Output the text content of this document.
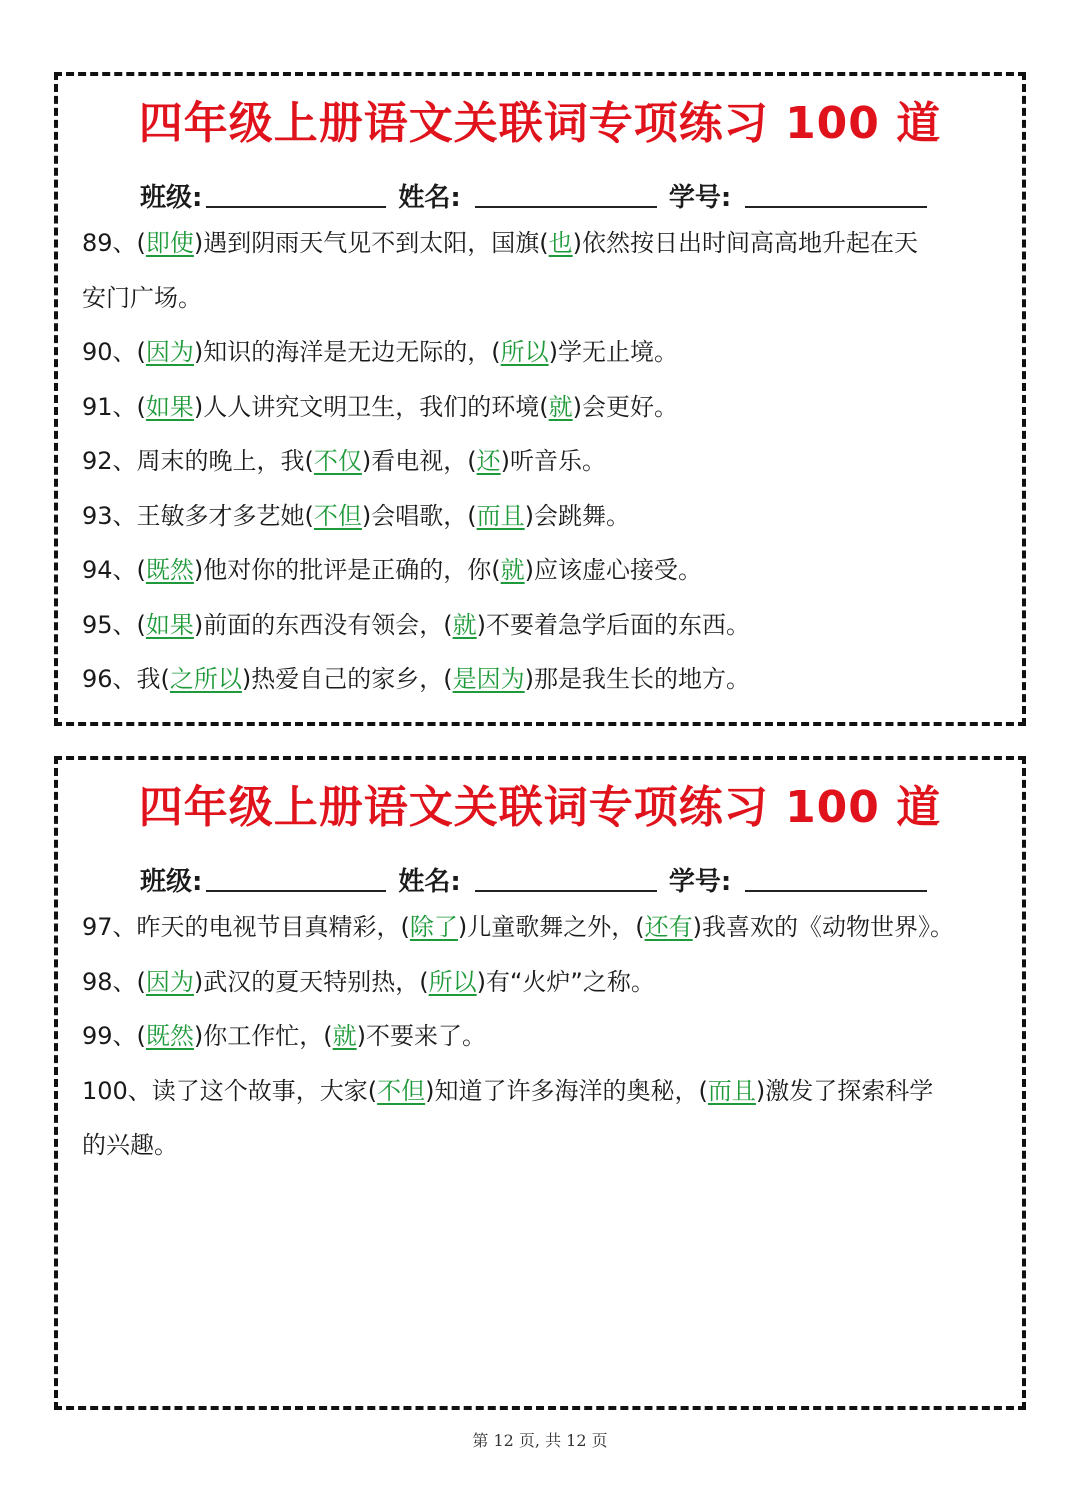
四年级上册语文关联词专项练习 100 道
班级:	姓名:	学号:
89、(即使)遇到阴雨天气见不到太阳，国旗(也)依然按日出时间高高地升起在天
安门广场。
90、(因为)知识的海洋是无边无际的，(所以)学无止境。
91、(如果)人人讲究文明卫生，我们的环境(就)会更好。
92、周末的晚上，我(不仅)看电视，(还)听音乐。
93、王敏多才多艺她(不但)会唱歌，(而且)会跳舞。
94、(既然)他对你的批评是正确的，你(就)应该虚心接受。
95、(如果)前面的东西没有领会，(就)不要着急学后面的东西。
96、我(之所以)热爱自己的家乡，(是因为)那是我生长的地方。
四年级上册语文关联词专项练习 100 道
班级:	姓名:	学号:
97、昨天的电视节目真精彩，(除了)儿童歌舞之外，(还有)我喜欢的《动物世界》。
98、(因为)武汉的夏天特别热，(所以)有“火炉”之称。
99、(既然)你工作忙，(就)不要来了。
100、读了这个故事，大家(不但)知道了许多海洋的奥秘，(而且)激发了探索科学
的兴趣。
第 12 页, 共 12 页
